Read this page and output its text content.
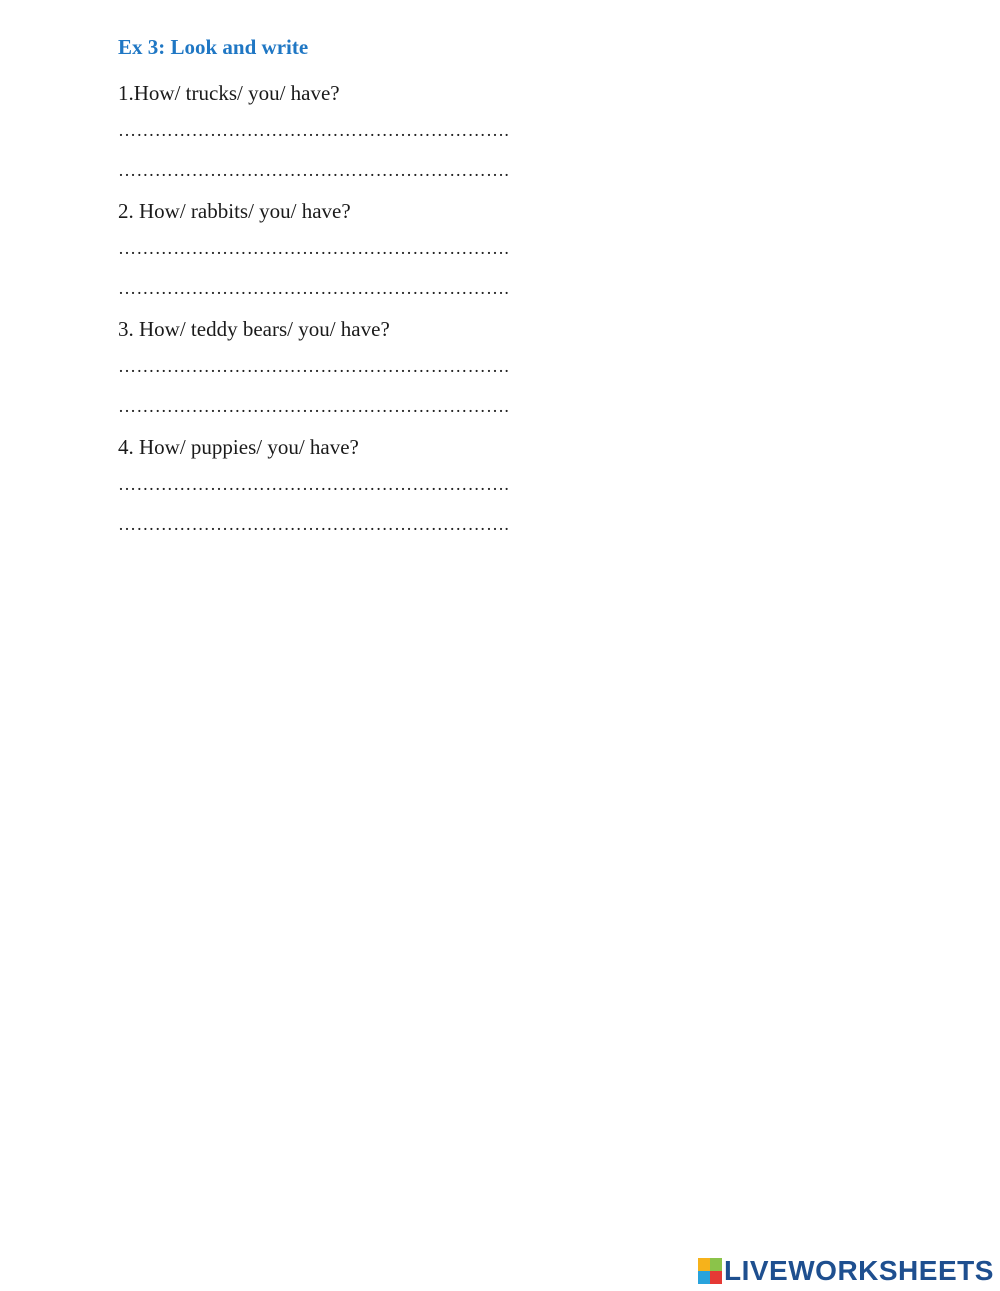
Ex 3: Look and write

1.How/ trucks/ you/ have?

……………………………………………………….

……………………………………………………….

2. How/ rabbits/ you/ have?

……………………………………………………….

……………………………………………………….

3. How/ teddy bears/ you/ have?

……………………………………………………….

……………………………………………………….

4. How/ puppies/ you/ have?

……………………………………………………….

……………………………………………………….

LIVEWORKSHEETS
